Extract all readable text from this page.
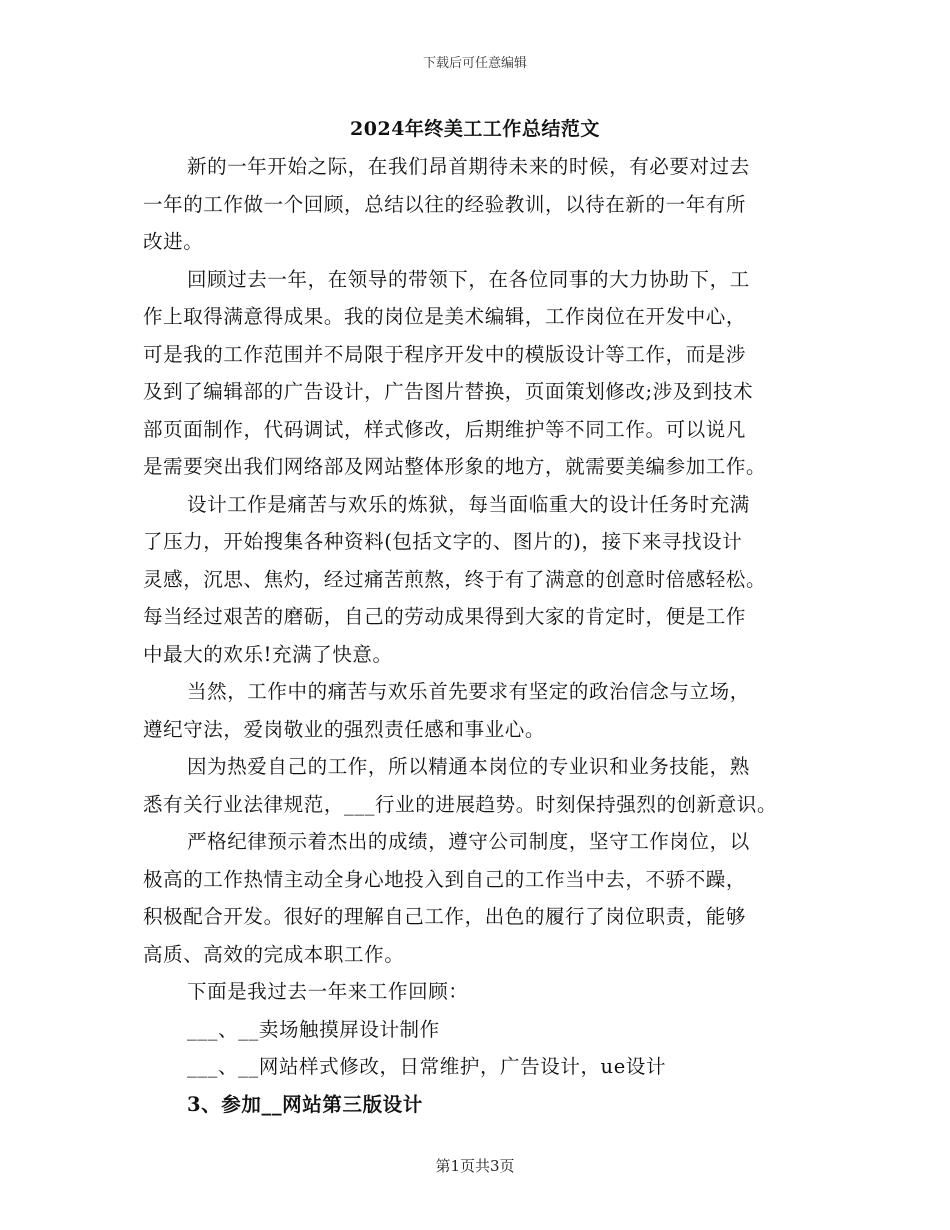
下载后可任意编辑
2024年终美工工作总结范文
新的一年开始之际，在我们昂首期待未来的时候，有必要对过去
一年的工作做一个回顾，总结以往的经验教训，以待在新的一年有所
改进。
回顾过去一年，在领导的带领下，在各位同事的大力协助下，工
作上取得满意得成果。我的岗位是美术编辑，工作岗位在开发中心，
可是我的工作范围并不局限于程序开发中的模版设计等工作，而是涉
及到了编辑部的广告设计，广告图片替换，页面策划修改;涉及到技术
部页面制作，代码调试，样式修改，后期维护等不同工作。可以说凡
是需要突出我们网络部及网站整体形象的地方，就需要美编参加工作。
设计工作是痛苦与欢乐的炼狱，每当面临重大的设计任务时充满
了压力，开始搜集各种资料(包括文字的、图片的)，接下来寻找设计
灵感，沉思、焦灼，经过痛苦煎熬，终于有了满意的创意时倍感轻松。
每当经过艰苦的磨砺，自己的劳动成果得到大家的肯定时，便是工作
中最大的欢乐!充满了快意。
当然，工作中的痛苦与欢乐首先要求有坚定的政治信念与立场，
遵纪守法，爱岗敬业的强烈责任感和事业心。
因为热爱自己的工作，所以精通本岗位的专业识和业务技能，熟
悉有关行业法律规范，___行业的进展趋势。时刻保持强烈的创新意识。
严格纪律预示着杰出的成绩，遵守公司制度，坚守工作岗位，以
极高的工作热情主动全身心地投入到自己的工作当中去，不骄不躁，
积极配合开发。很好的理解自己工作，出色的履行了岗位职责，能够
高质、高效的完成本职工作。
下面是我过去一年来工作回顾：
___、__卖场触摸屏设计制作
___、__网站样式修改，日常维护，广告设计，ue设计
3、参加__网站第三版设计
第1页共3页
